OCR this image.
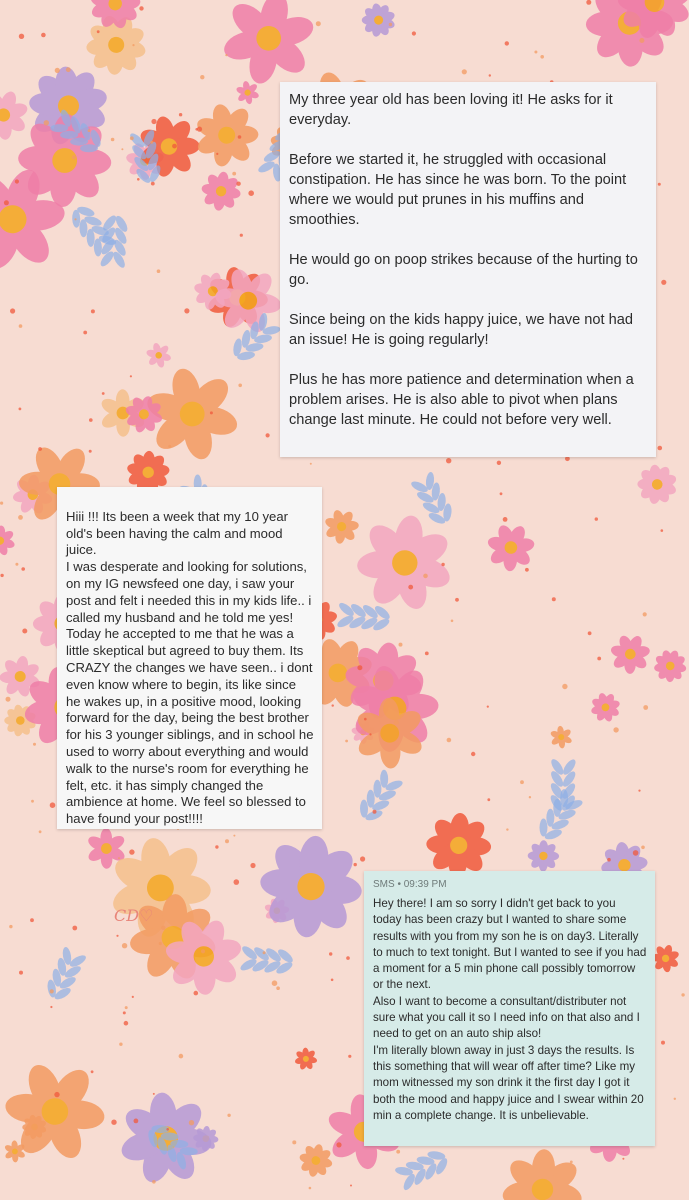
CD♡

My three year old has been loving it! He asks for it everyday.

Before we started it, he struggled with occasional constipation. He has since he was born. To the point where we would put prunes in his muffins and smoothies.

He would go on poop strikes because of the hurting to go.

Since being on the kids happy juice, we have not had an issue! He is going regularly!

Plus he has more patience and determination when a problem arises. He is also able to pivot when plans change last minute. He could not before very well.

Hiii !!! Its been a week that my 10 year old's been having the calm and mood juice.
I was desperate and looking for solutions, on my IG newsfeed one day, i saw your post and felt i needed this in my kids life.. i called my husband and he told me yes! Today he accepted to me that he was a little skeptical but agreed to buy them. Its CRAZY the changes we have seen.. i dont even know where to begin, its like since he wakes up, in a positive mood, looking forward for the day, being the best brother for his 3 younger siblings, and in school he used to worry about everything and would walk to the nurse's room for everything he felt, etc. it has simply changed the ambience at home. We feel so blessed to have found your post!!!!

SMS • 09:39 PM

Hey there! I am so sorry I didn't get back to you today has been crazy but I wanted to share some results with you from my son he is on day3. Literally to much to text tonight. But I wanted to see if you had a moment for a 5 min phone call possibly tomorrow or the next.
Also I want to become a consultant/distributer not sure what you call it so I need info on that also and I need to get on an auto ship also!
I'm literally blown away in just 3 days the results. Is this something that will wear off after time? Like my mom witnessed my son drink it the first day I got it both the mood and happy juice and I swear within 20 min a complete change. It is unbelievable.
